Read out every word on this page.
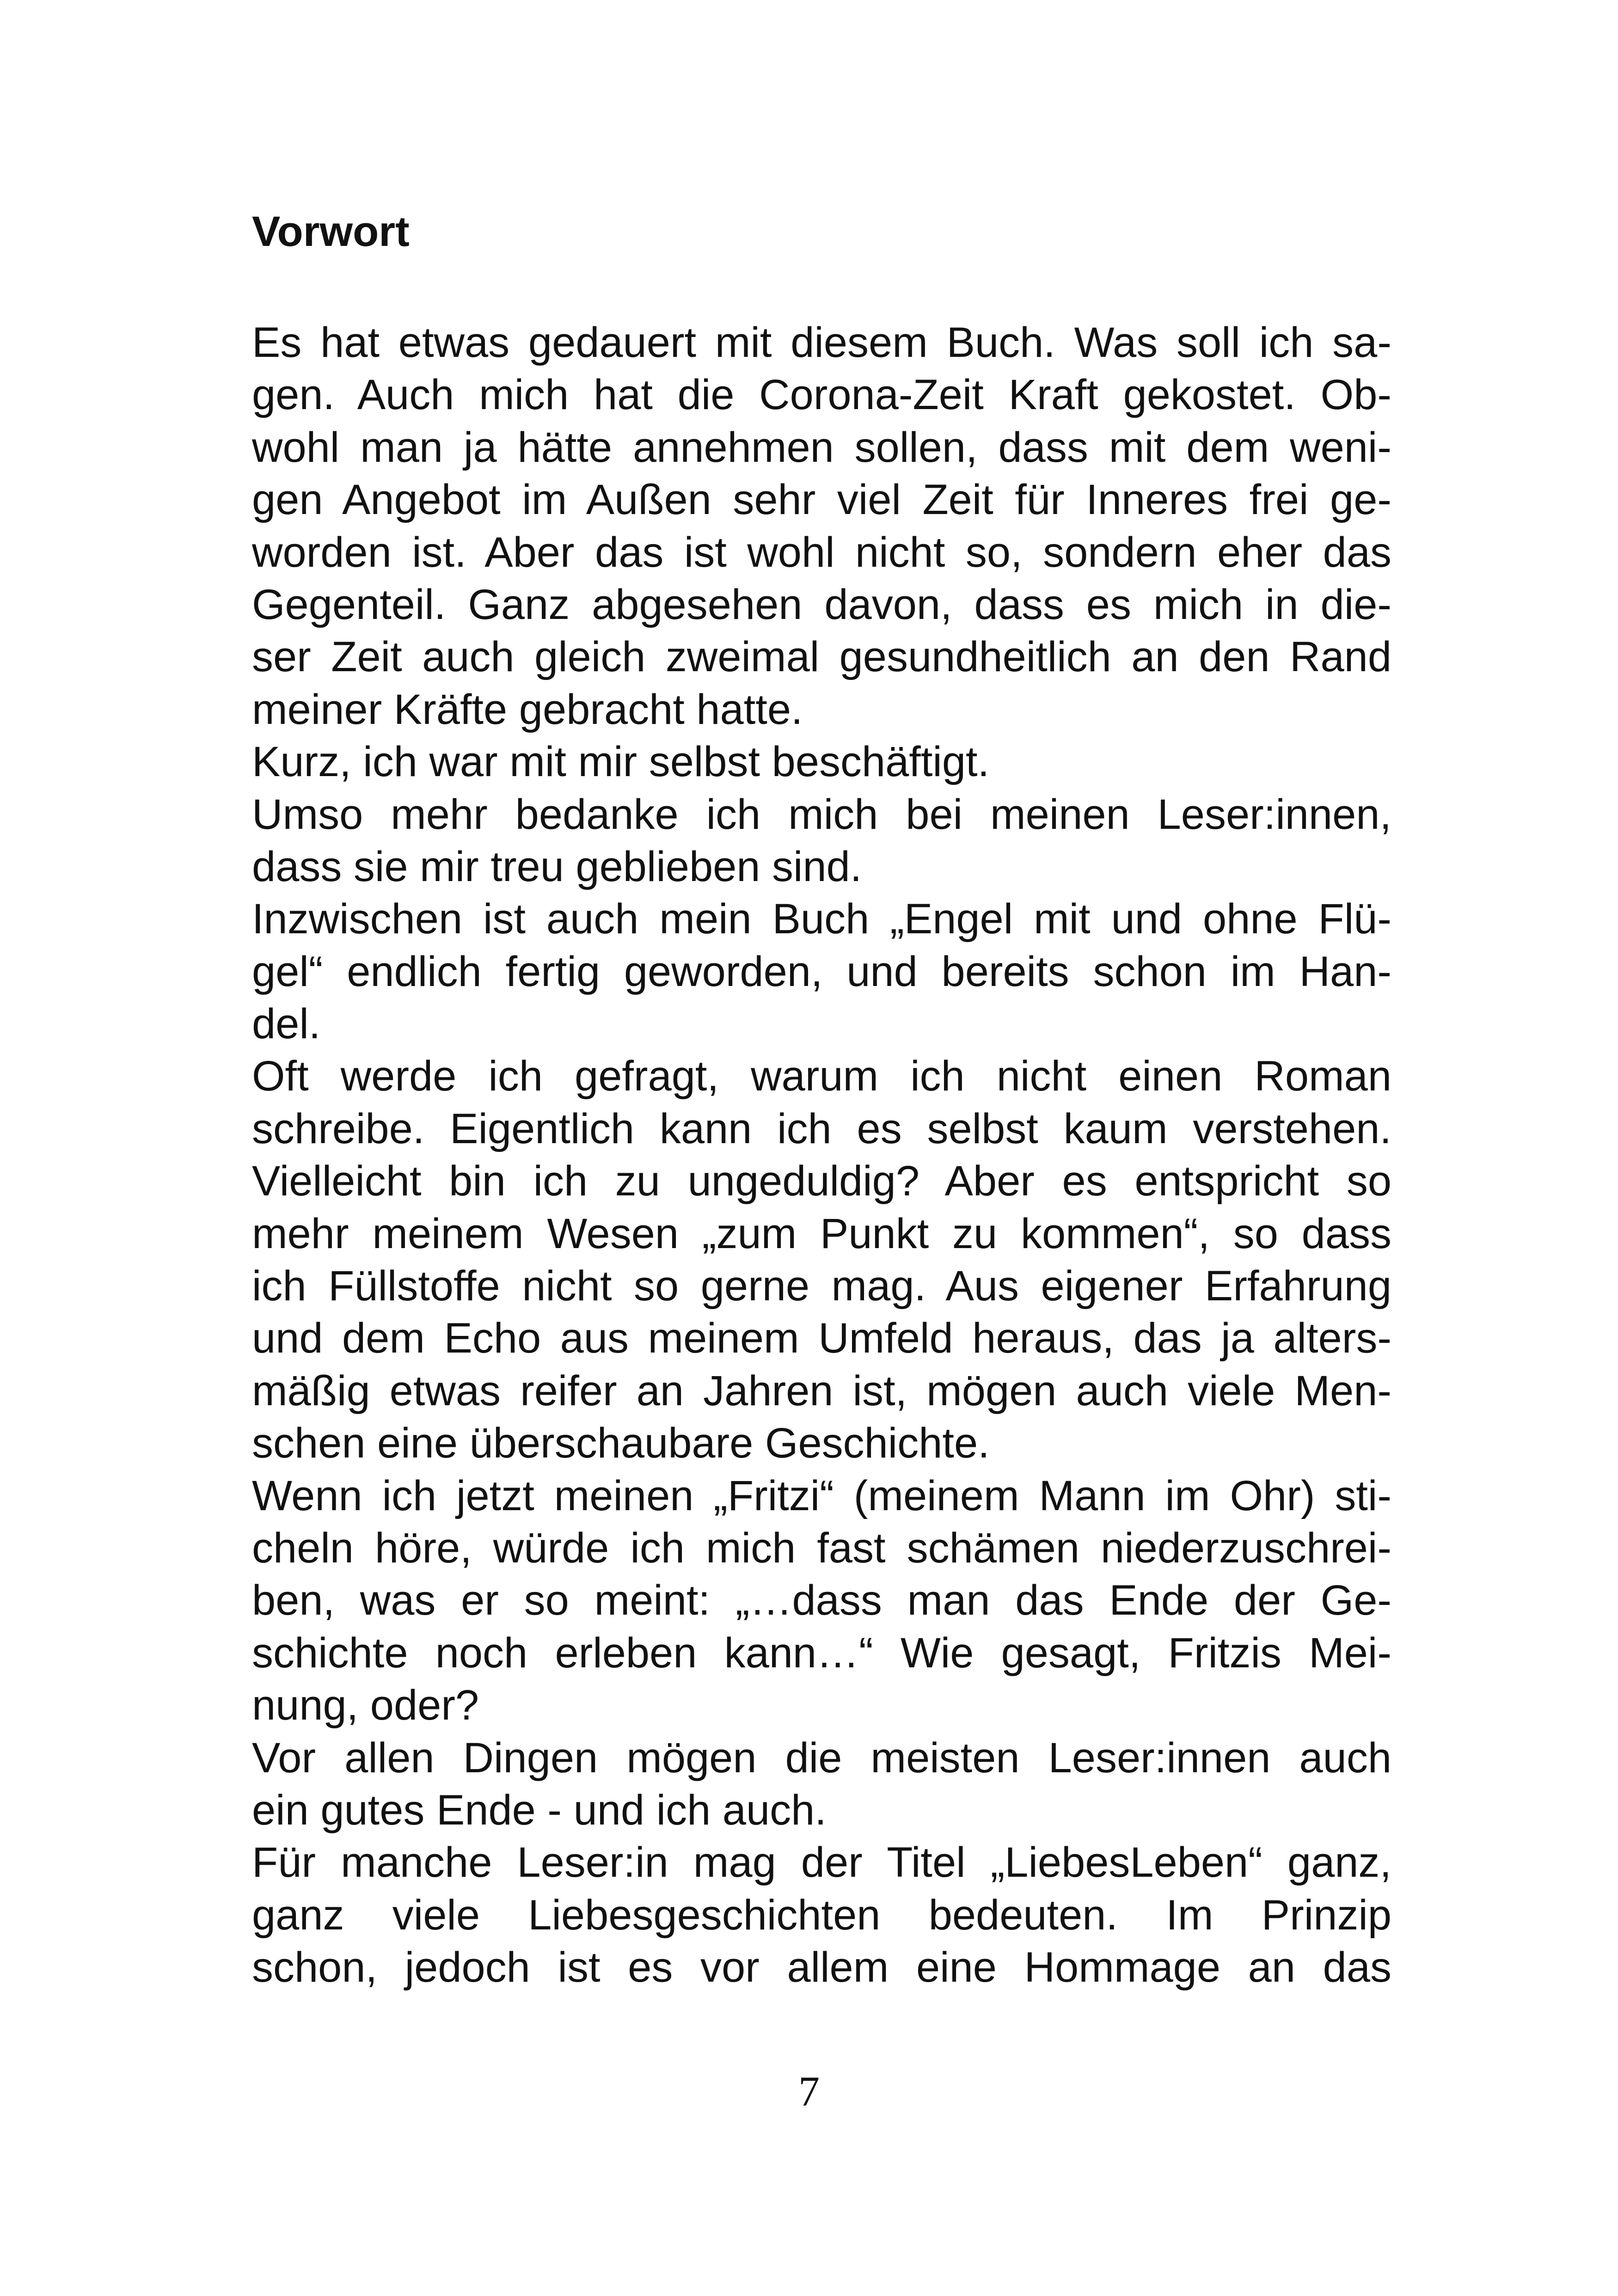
Vorwort
Es hat etwas gedauert mit diesem Buch. Was soll ich sa-
gen. Auch mich hat die Corona-Zeit Kraft gekostet. Ob-
wohl man ja hätte annehmen sollen, dass mit dem weni-
gen Angebot im Außen sehr viel Zeit für Inneres frei ge-
worden ist. Aber das ist wohl nicht so, sondern eher das
Gegenteil. Ganz abgesehen davon, dass es mich in die-
ser Zeit auch gleich zweimal gesundheitlich an den Rand
meiner Kräfte gebracht hatte.
Kurz, ich war mit mir selbst beschäftigt.
Umso mehr bedanke ich mich bei meinen Leser:innen,
dass sie mir treu geblieben sind.
Inzwischen ist auch mein Buch „Engel mit und ohne Flü-
gel“ endlich fertig geworden, und bereits schon im Han-
del.
Oft werde ich gefragt, warum ich nicht einen Roman
schreibe. Eigentlich kann ich es selbst kaum verstehen.
Vielleicht bin ich zu ungeduldig? Aber es entspricht so
mehr meinem Wesen „zum Punkt zu kommen“, so dass
ich Füllstoffe nicht so gerne mag. Aus eigener Erfahrung
und dem Echo aus meinem Umfeld heraus, das ja alters-
mäßig etwas reifer an Jahren ist, mögen auch viele Men-
schen eine überschaubare Geschichte.
Wenn ich jetzt meinen „Fritzi“ (meinem Mann im Ohr) sti-
cheln höre, würde ich mich fast schämen niederzuschrei-
ben, was er so meint: „…dass man das Ende der Ge-
schichte noch erleben kann…“ Wie gesagt, Fritzis Mei-
nung, oder?
Vor allen Dingen mögen die meisten Leser:innen auch
ein gutes Ende - und ich auch.
Für manche Leser:in mag der Titel „LiebesLeben“ ganz,
ganz viele Liebesgeschichten bedeuten. Im Prinzip
schon, jedoch ist es vor allem eine Hommage an das
7
